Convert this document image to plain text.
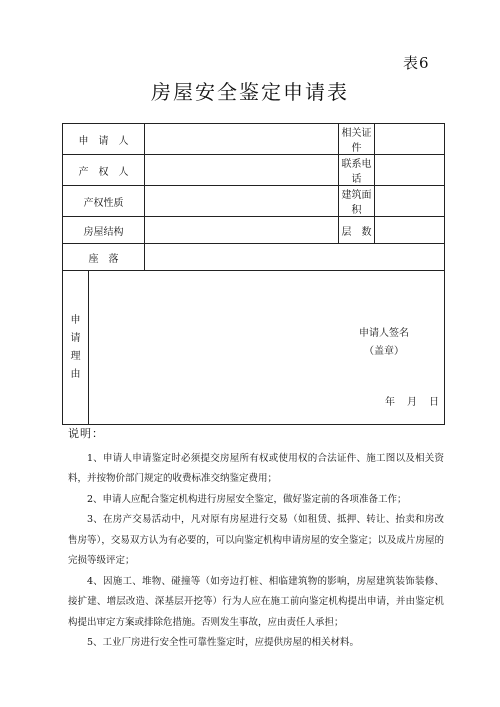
表6
房屋安全鉴定申请表
申　请　人			相关证件	
产　权　人			联系电话	
产权性质			建筑面积	
房屋结构			层　数	
座　落				
申请理由	申请人签名
（盖章）
年　月　日			
说明：
1、申请人申请鉴定时必须提交房屋所有权或使用权的合法证件、施工图以及相关资料，并按物价部门规定的收费标准交纳鉴定费用；
2、申请人应配合鉴定机构进行房屋安全鉴定，做好鉴定前的各项准备工作；
3、在房产交易活动中，凡对原有房屋进行交易（如租赁、抵押、转让、抬卖和房改售房等），交易双方认为有必要的，可以向鉴定机构申请房屋的安全鉴定；以及成片房屋的完损等级评定；
4、因施工、堆物、碰撞等（如旁边打桩、相临建筑物的影响，房屋建筑装饰装修、接扩建、增层改造、深基层开挖等）行为人应在施工前向鉴定机构提出申请，并由鉴定机构提出审定方案或排除危措施。否则发生事故，应由责任人承担；
5、工业厂房进行安全性可靠性鉴定时，应提供房屋的相关材料。
